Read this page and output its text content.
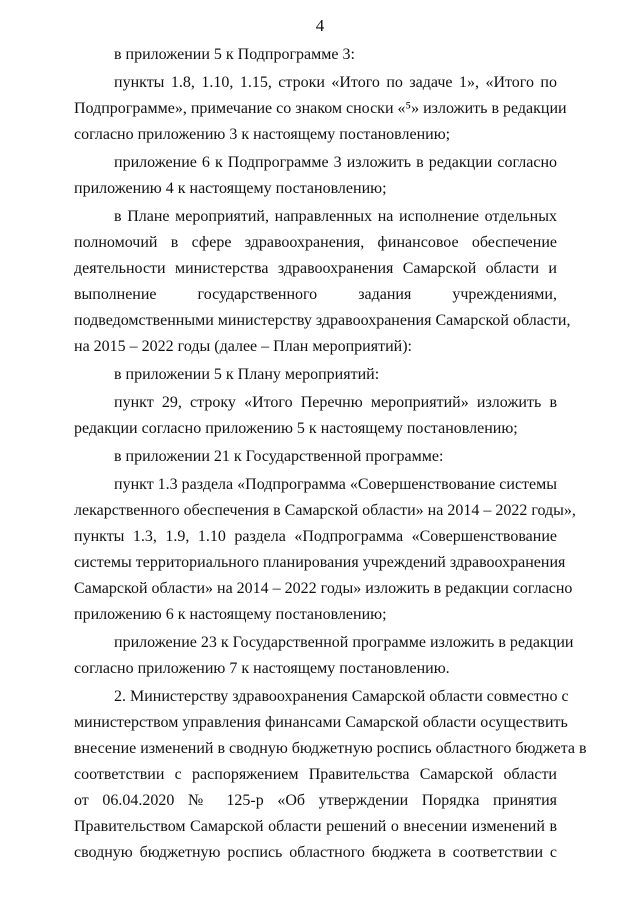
4
в приложении 5 к Подпрограмме 3:
пункты 1.8, 1.10, 1.15, строки «Итого по задаче 1», «Итого по
Подпрограмме», примечание со знаком сноски «⁵» изложить в редакции
согласно приложению 3 к настоящему постановлению;
приложение 6 к Подпрограмме 3 изложить в редакции согласно
приложению 4 к настоящему постановлению;
в Плане мероприятий, направленных на исполнение отдельных
полномочий в сфере здравоохранения, финансовое обеспечение
деятельности министерства здравоохранения Самарской области и
выполнение государственного задания учреждениями,
подведомственными министерству здравоохранения Самарской области,
на 2015 – 2022 годы (далее – План мероприятий):
в приложении 5 к Плану мероприятий:
пункт 29, строку «Итого Перечню мероприятий» изложить в
редакции согласно приложению 5 к настоящему постановлению;
в приложении 21 к Государственной программе:
пункт 1.3 раздела «Подпрограмма «Совершенствование системы
лекарственного обеспечения в Самарской области» на 2014 – 2022 годы»,
пункты 1.3, 1.9, 1.10 раздела «Подпрограмма «Совершенствование
системы территориального планирования учреждений здравоохранения
Самарской области» на 2014 – 2022 годы» изложить в редакции согласно
приложению 6 к настоящему постановлению;
приложение 23 к Государственной программе изложить в редакции
согласно приложению 7 к настоящему постановлению.
2. Министерству здравоохранения Самарской области совместно с
министерством управления финансами Самарской области осуществить
внесение изменений в сводную бюджетную роспись областного бюджета в
соответствии с распоряжением Правительства Самарской области
от 06.04.2020 № 125-р «Об утверждении Порядка принятия
Правительством Самарской области решений о внесении изменений в
сводную бюджетную роспись областного бюджета в соответствии с
